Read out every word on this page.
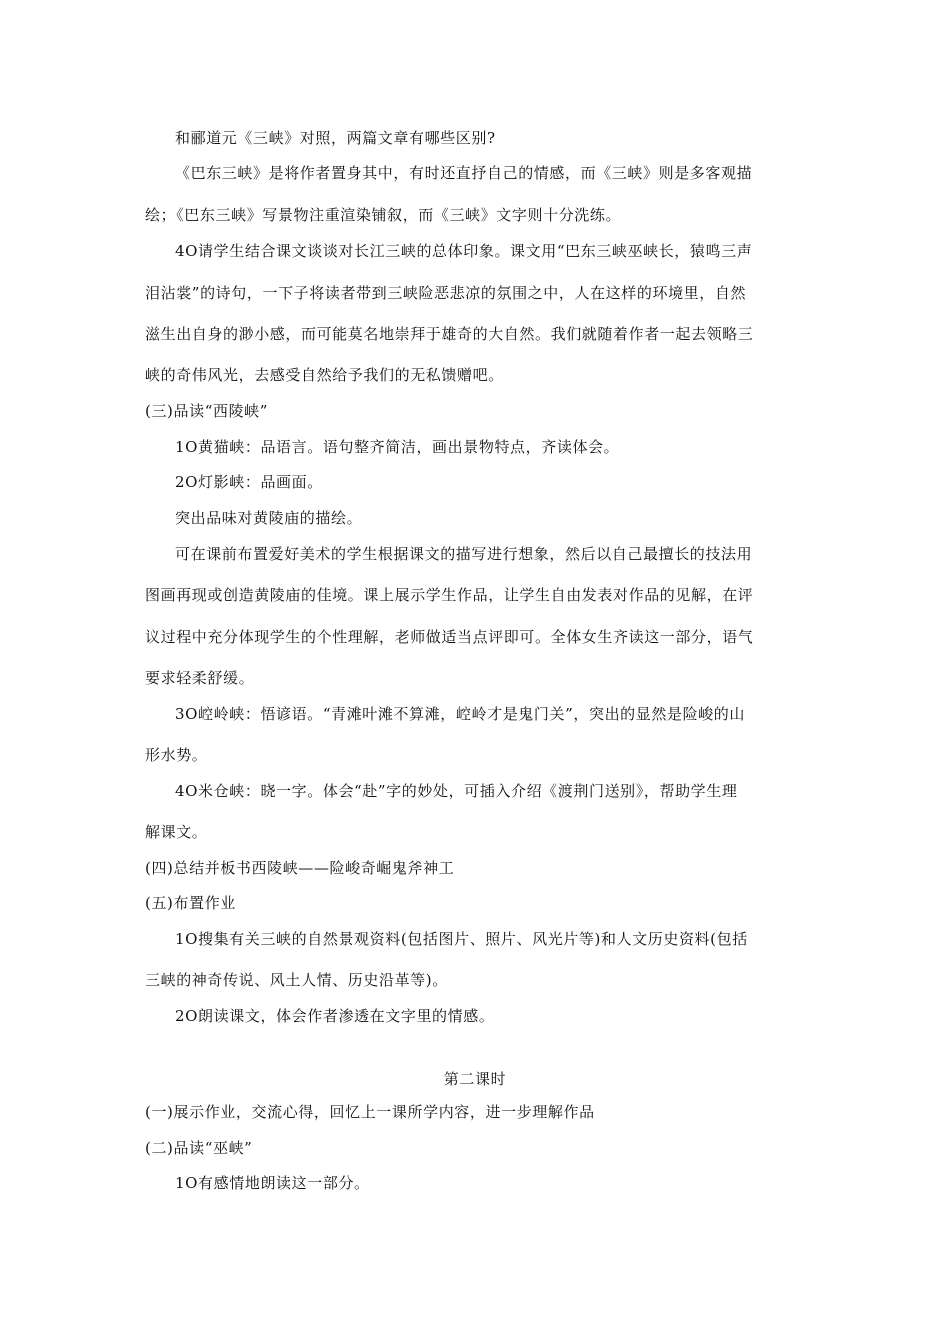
和郦道元《三峡》对照，两篇文章有哪些区别?
《巴东三峡》是将作者置身其中，有时还直抒自己的情感，而《三峡》则是多客观描
绘；《巴东三峡》写景物注重渲染铺叙，而《三峡》文字则十分洗练。
4O请学生结合课文谈谈对长江三峡的总体印象。课文用“巴东三峡巫峡长，猿鸣三声
泪沾裳”的诗句，一下子将读者带到三峡险恶悲凉的氛围之中，人在这样的环境里，自然
滋生出自身的渺小感，而可能莫名地崇拜于雄奇的大自然。我们就随着作者一起去领略三
峡的奇伟风光，去感受自然给予我们的无私馈赠吧。
(三)品读“西陵峡”
1O黄猫峡：品语言。语句整齐简洁，画出景物特点，齐读体会。
2O灯影峡：品画面。
突出品味对黄陵庙的描绘。
可在课前布置爱好美术的学生根据课文的描写进行想象，然后以自己最擅长的技法用
图画再现或创造黄陵庙的佳境。课上展示学生作品，让学生自由发表对作品的见解，在评
议过程中充分体现学生的个性理解，老师做适当点评即可。全体女生齐读这一部分，语气
要求轻柔舒缓。
3O崆岭峡：悟谚语。“青滩叶滩不算滩，崆岭才是鬼门关”，突出的显然是险峻的山
形水势。
4O米仓峡：晓一字。体会“赴”字的妙处，可插入介绍《渡荆门送别》，帮助学生理
解课文。
(四)总结并板书西陵峡——险峻奇崛鬼斧神工
(五)布置作业
1O搜集有关三峡的自然景观资料(包括图片、照片、风光片等)和人文历史资料(包括
三峡的神奇传说、风土人情、历史沿革等)。
2O朗读课文，体会作者渗透在文字里的情感。
第二课时
(一)展示作业，交流心得，回忆上一课所学内容，进一步理解作品
(二)品读“巫峡”
1O有感情地朗读这一部分。
